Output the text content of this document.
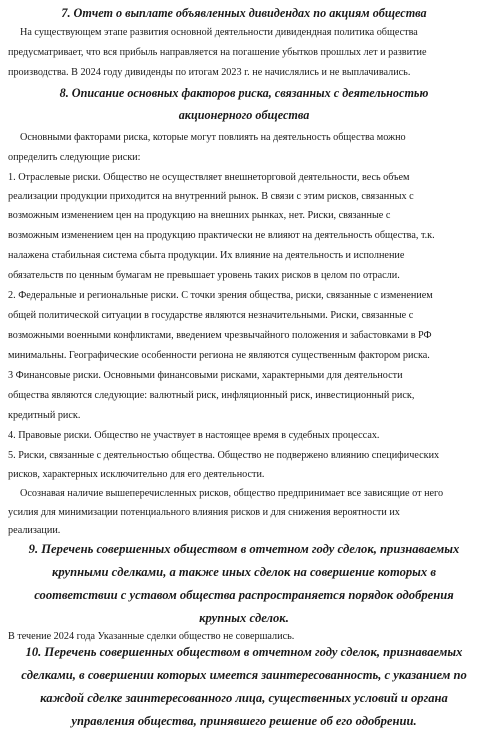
7. Отчет о выплате объявленных дивидендах по акциям общества
На существующем этапе развития основной деятельности дивидендная политика общества
предусматривает, что вся прибыль направляется на погашение убытков прошлых лет и развитие
производства. В 2024 году дивиденды по итогам 2023 г. не начислялись и не выплачивались.
8. Описание основных факторов риска, связанных с деятельностью
акционерного общества
Основными факторами риска, которые могут повлиять на деятельность общества можно
определить следующие риски:
1. Отраслевые риски. Общество не осуществляет внешнеторговой деятельности, весь объем
реализации продукции приходится на внутренний рынок. В связи с этим рисков, связанных с
возможным изменением цен на продукцию на внешних рынках, нет. Риски, связанные с
возможным изменением цен на продукцию практически не влияют на деятельность общества, т.к.
налажена стабильная система сбыта продукции. Их влияние на деятельность и исполнение
обязательств по ценным бумагам не превышает уровень таких рисков в целом по отрасли.
2. Федеральные и региональные риски. С точки зрения общества, риски, связанные с изменением
общей политической ситуации в государстве являются незначительными. Риски, связанные с
возможными военными конфликтами, введением чрезвычайного положения и забастовками в РФ
минимальны. Географические особенности региона не являются существенным фактором риска.
3 Финансовые риски. Основными финансовыми рисками, характерными для деятельности
общества являются следующие: валютный риск, инфляционный риск, инвестиционный риск,
кредитный риск.
4. Правовые риски. Общество не участвует в настоящее время в судебных процессах.
5. Риски, связанные с деятельностью общества. Общество не подвержено влиянию специфических
рисков, характерных исключительно для его деятельности.
Осознавая наличие вышеперечисленных рисков, общество предпринимает все зависящие от него
усилия для минимизации потенциального влияния рисков и для снижения вероятности их
реализации.
9. Перечень совершенных обществом в отчетном году сделок, признаваемых
крупными сделками, а также иных сделок на совершение которых в
соответствии с уставом общества распространяется порядок одобрения
крупных сделок.
В течение 2024 года Указанные сделки общество не совершались.
10. Перечень совершенных обществом в отчетном году сделок, признаваемых
сделками, в совершении которых имеется заинтересованность, с указанием по
каждой сделке заинтересованного лица, существенных условий и органа
управления общества, принявшего решение об его одобрении.
